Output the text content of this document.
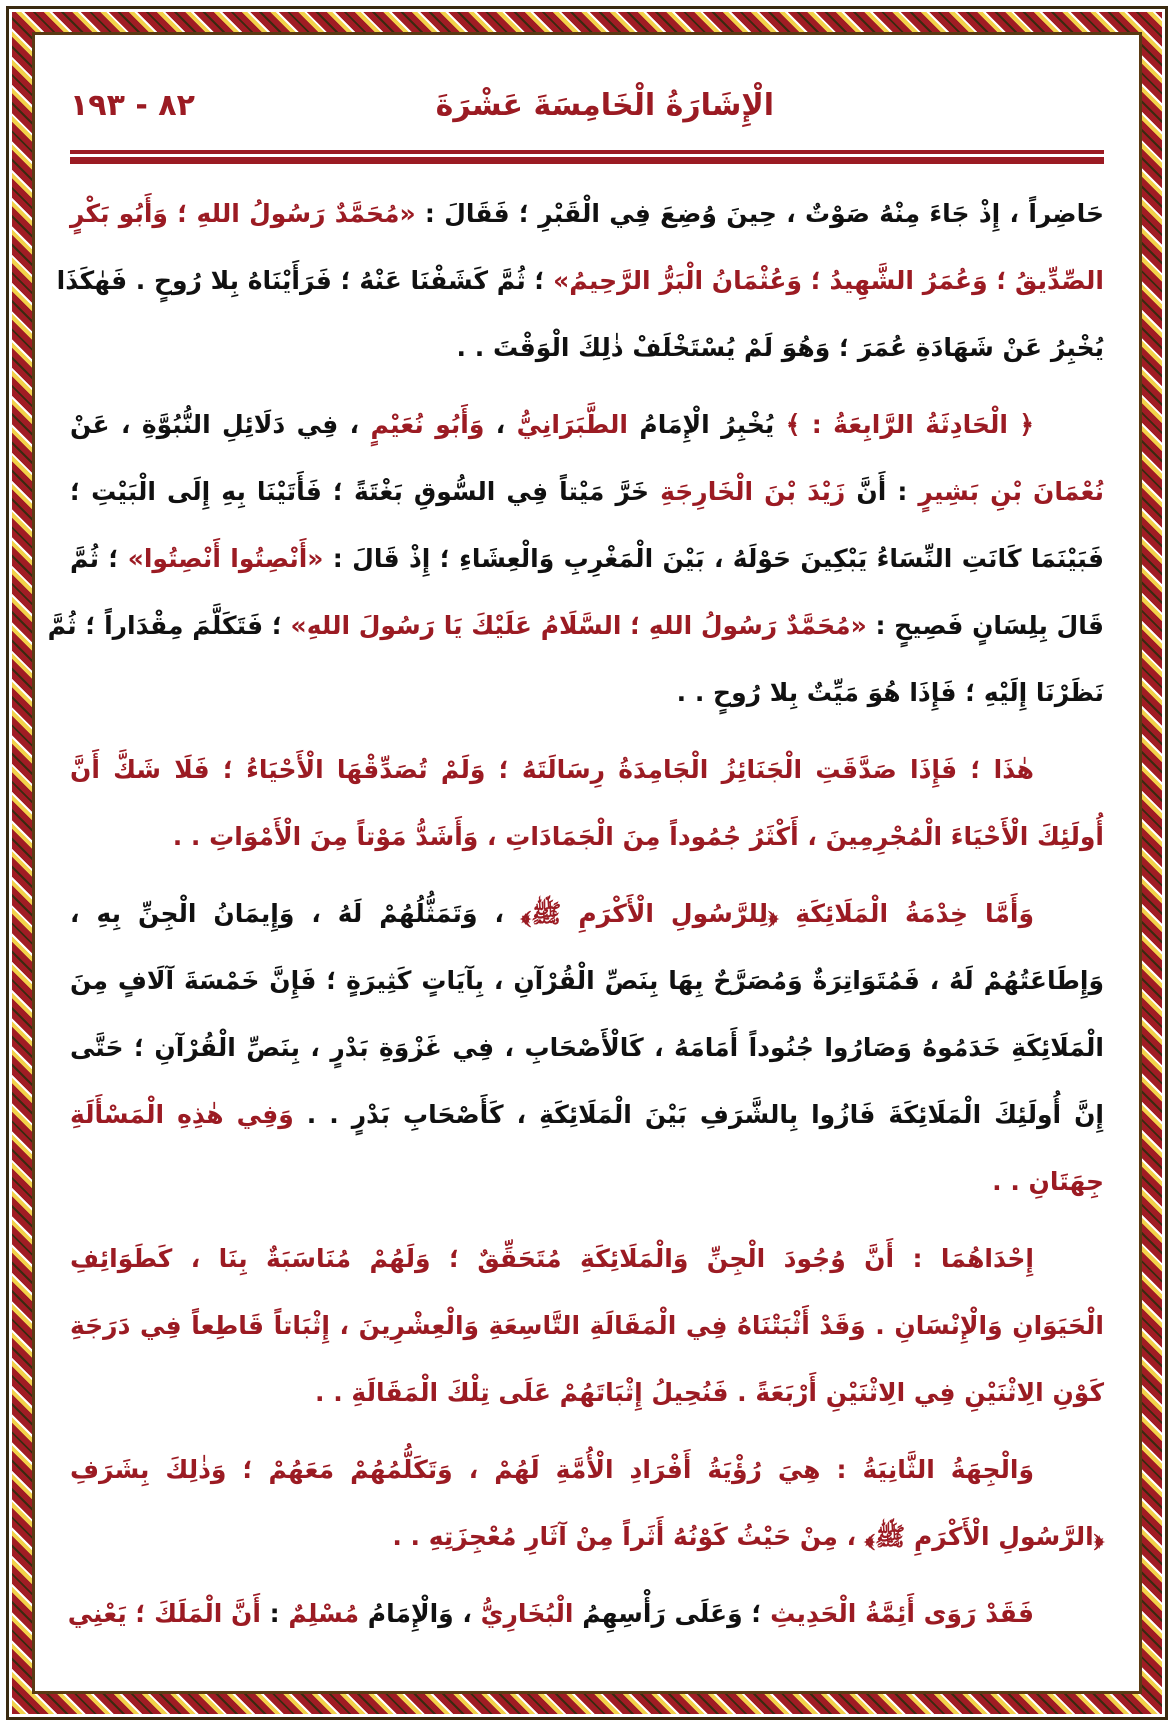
الْإِشَارَةُ الْخَامِسَةَ عَشْرَةَ
٨٢ - ١٩٣
حَاضِراً ، إِذْ جَاءَ مِنْهُ صَوْتٌ ، حِينَ وُضِعَ فِي الْقَبْرِ ؛ فَقَالَ : «مُحَمَّدٌ رَسُولُ اللهِ ؛ وَأَبُو بَكْرٍ
الصِّدِّيقُ ؛ وَعُمَرُ الشَّهِيدُ ؛ وَعُثْمَانُ الْبَرُّ الرَّحِيمُ» ؛ ثُمَّ كَشَفْنَا عَنْهُ ؛ فَرَأَيْنَاهُ بِلا رُوحٍ . فَهٰكَذَا
يُخْبِرُ عَنْ شَهَادَةِ عُمَرَ ؛ وَهُوَ لَمْ يُسْتَخْلَفْ ذٰلِكَ الْوَقْتَ . .
﴿ الْحَادِثَةُ الرَّابِعَةُ : ﴾ يُخْبِرُ الْإِمَامُ الطَّبَرَانِيُّ ، وَأَبُو نُعَيْمٍ ، فِي دَلَائِلِ النُّبُوَّةِ ، عَنْ
نُعْمَانَ بْنِ بَشِيرٍ : أَنَّ زَيْدَ بْنَ الْخَارِجَةِ خَرَّ مَيْتاً فِي السُّوقِ بَغْتَةً ؛ فَأَتَيْنَا بِهِ إِلَى الْبَيْتِ ؛
فَبَيْنَمَا كَانَتِ النِّسَاءُ يَبْكِينَ حَوْلَهُ ، بَيْنَ الْمَغْرِبِ وَالْعِشَاءِ ؛ إِذْ قَالَ : «أَنْصِتُوا أَنْصِتُوا» ؛ ثُمَّ
قَالَ بِلِسَانٍ فَصِيحٍ : «مُحَمَّدٌ رَسُولُ اللهِ ؛ السَّلَامُ عَلَيْكَ يَا رَسُولَ اللهِ» ؛ فَتَكَلَّمَ مِقْدَاراً ؛ ثُمَّ
نَظَرْنَا إِلَيْهِ ؛ فَإِذَا هُوَ مَيِّتٌ بِلا رُوحٍ . .
هٰذَا ؛ فَإِذَا صَدَّقَتِ الْجَنَائِزُ الْجَامِدَةُ رِسَالَتَهُ ؛ وَلَمْ تُصَدِّقْهَا الْأَحْيَاءُ ؛ فَلَا شَكَّ أَنَّ
أُولَئِكَ الْأَحْيَاءَ الْمُجْرِمِينَ ، أَكْثَرُ جُمُوداً مِنَ الْجَمَادَاتِ ، وَأَشَدُّ مَوْتاً مِنَ الْأَمْوَاتِ . .
وَأَمَّا خِدْمَةُ الْمَلَائِكَةِ ﴿لِلرَّسُولِ الْأَكْرَمِ ﷺ﴾ ، وَتَمَثُّلُهُمْ لَهُ ، وَإِيمَانُ الْجِنِّ بِهِ ،
وَإِطَاعَتُهُمْ لَهُ ، فَمُتَوَاتِرَةٌ وَمُصَرَّحٌ بِهَا بِنَصِّ الْقُرْآنِ ، بِآيَاتٍ كَثِيرَةٍ ؛ فَإِنَّ خَمْسَةَ آلَافٍ مِنَ
الْمَلَائِكَةِ خَدَمُوهُ وَصَارُوا جُنُوداً أَمَامَهُ ، كَالْأَصْحَابِ ، فِي غَزْوَةِ بَدْرٍ ، بِنَصِّ الْقُرْآنِ ؛ حَتَّى
إِنَّ أُولَئِكَ الْمَلَائِكَةَ فَازُوا بِالشَّرَفِ بَيْنَ الْمَلَائِكَةِ ، كَأَصْحَابِ بَدْرٍ . . وَفِي هٰذِهِ الْمَسْأَلَةِ
جِهَتَانِ . .
إِحْدَاهُمَا : أَنَّ وُجُودَ الْجِنِّ وَالْمَلَائِكَةِ مُتَحَقِّقٌ ؛ وَلَهُمْ مُنَاسَبَةٌ بِنَا ، كَطَوَائِفِ
الْحَيَوَانِ وَالْإِنْسَانِ . وَقَدْ أَثْبَتْنَاهُ فِي الْمَقَالَةِ التَّاسِعَةِ وَالْعِشْرِينَ ، إِثْبَاتاً قَاطِعاً فِي دَرَجَةِ
كَوْنِ الِاثْنَيْنِ فِي الِاثْنَيْنِ أَرْبَعَةً . فَنُحِيلُ إِثْبَاتَهُمْ عَلَى تِلْكَ الْمَقَالَةِ . .
وَالْجِهَةُ الثَّانِيَةُ : هِيَ رُؤْيَةُ أَفْرَادِ الْأُمَّةِ لَهُمْ ، وَتَكَلُّمُهُمْ مَعَهُمْ ؛ وَذٰلِكَ بِشَرَفِ
﴿الرَّسُولِ الْأَكْرَمِ ﷺ﴾ ، مِنْ حَيْثُ كَوْنُهُ أَثَراً مِنْ آثَارِ مُعْجِزَتِهِ . .
فَقَدْ رَوَى أَئِمَّةُ الْحَدِيثِ ؛ وَعَلَى رَأْسِهِمُ الْبُخَارِيُّ ، وَالْإِمَامُ مُسْلِمٌ : أَنَّ الْمَلَكَ ؛ يَعْنِي
